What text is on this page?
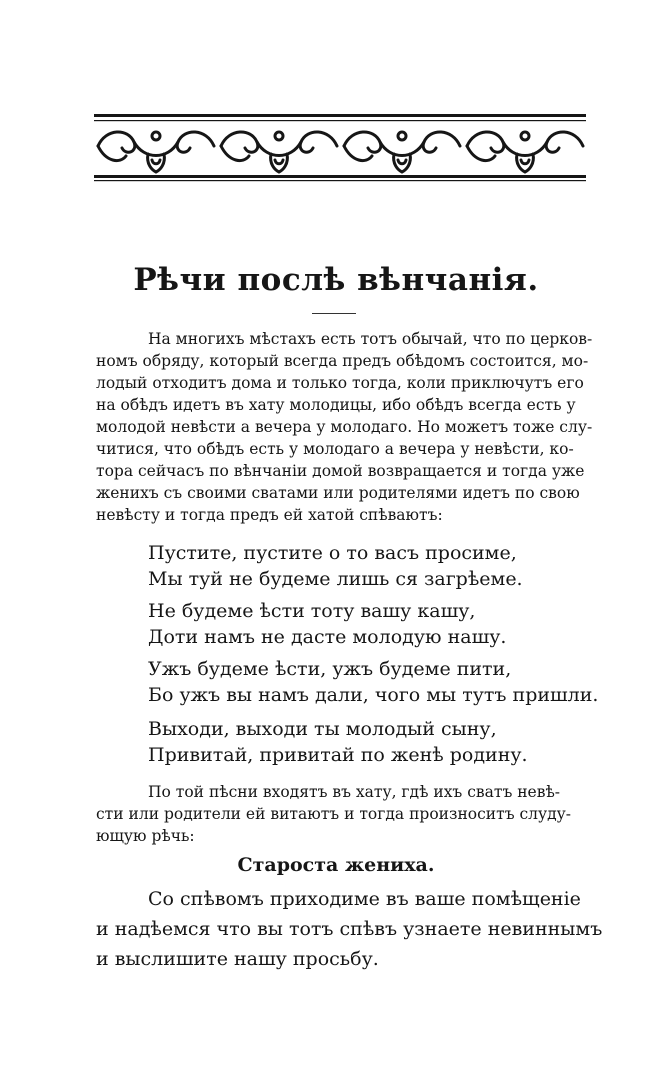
Рѣчи послѣ вѣнчанія.
На многихъ мѣстахъ есть тотъ обычай, что по церков-
номъ обряду, который всегда предъ обѣдомъ состоится, мо-
лодый отходитъ дома и только тогда, коли приключутъ его
на обѣдъ идетъ въ хату молодицы, ибо обѣдъ всегда есть у
молодой невѣсти а вечера у молодаго. Но можетъ тоже слу-
читися, что обѣдъ есть у молодаго а вечера у невѣсти, ко-
тора сейчасъ по вѣнчанiи домой возвращается и тогда уже
жениxъ съ своими сватами или родителями идетъ по свою
невѣсту и тогда предъ ей хатой спѣваютъ:
Пустите, пустите о то васъ просиме,
Мы туй не будеме лишь ся загрѣеме.
Не будеме ѣсти тоту вашу кашу,
Доти намъ не дасте молодую нашу.
Ужъ будеме ѣсти, ужъ будеме пити,
Бо ужъ вы намъ дали, чого мы тутъ пришли.
Выходи, выходи ты молодый сыну,
Привитай, привитай по женѣ родину.
По той пѣсни входятъ въ хату, гдѣ ихъ сватъ невѣ-
сти или родители ей витаютъ и тогда произноситъ слуду-
ющую рѣчь:
Староста жениха.
Со спѣвомъ приходиме въ ваше помѣщенiе
и надѣемся что вы тотъ спѣвъ узнаете невиннымъ
и выслишите нашу просьбу.
